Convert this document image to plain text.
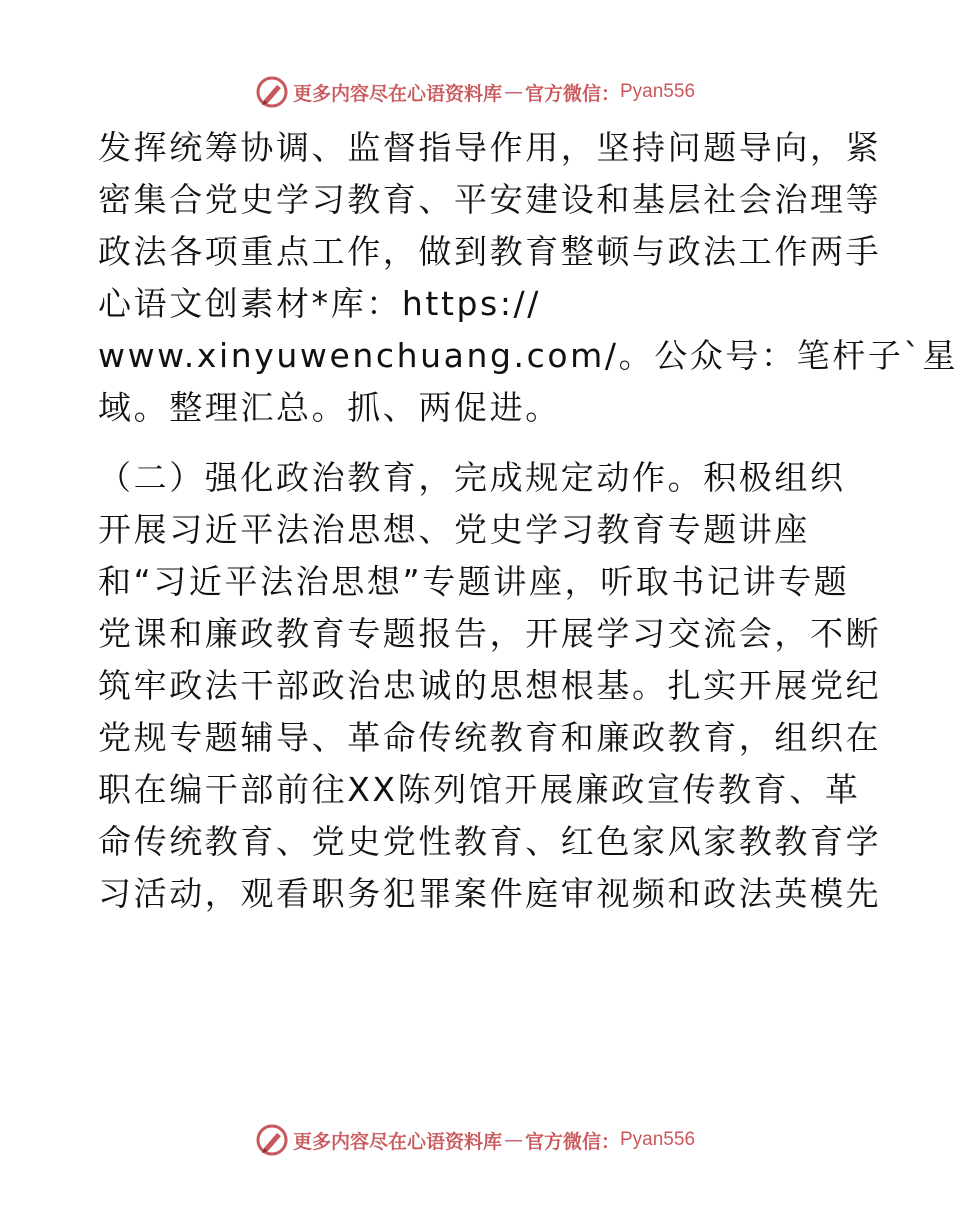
更多内容尽在心语资料库 — 官方微信： Pyan556
发挥统筹协调、监督指导作用，坚持问题导向，紧
密集合党史学习教育、平安建设和基层社会治理等
政法各项重点工作，做到教育整顿与政法工作两手
心语文创素材*库：https://
www.xinyuwenchuang.com/。公众号：笔杆子`星
域。整理汇总。抓、两促进。
（二）强化政治教育，完成规定动作。积极组织
开展习近平法治思想、党史学习教育专题讲座
和“习近平法治思想”专题讲座，听取书记讲专题
党课和廉政教育专题报告，开展学习交流会，不断
筑牢政法干部政治忠诚的思想根基。扎实开展党纪
党规专题辅导、革命传统教育和廉政教育，组织在
职在编干部前往XX陈列馆开展廉政宣传教育、革
命传统教育、党史党性教育、红色家风家教教育学
习活动，观看职务犯罪案件庭审视频和政法英模先
更多内容尽在心语资料库 — 官方微信： Pyan556
